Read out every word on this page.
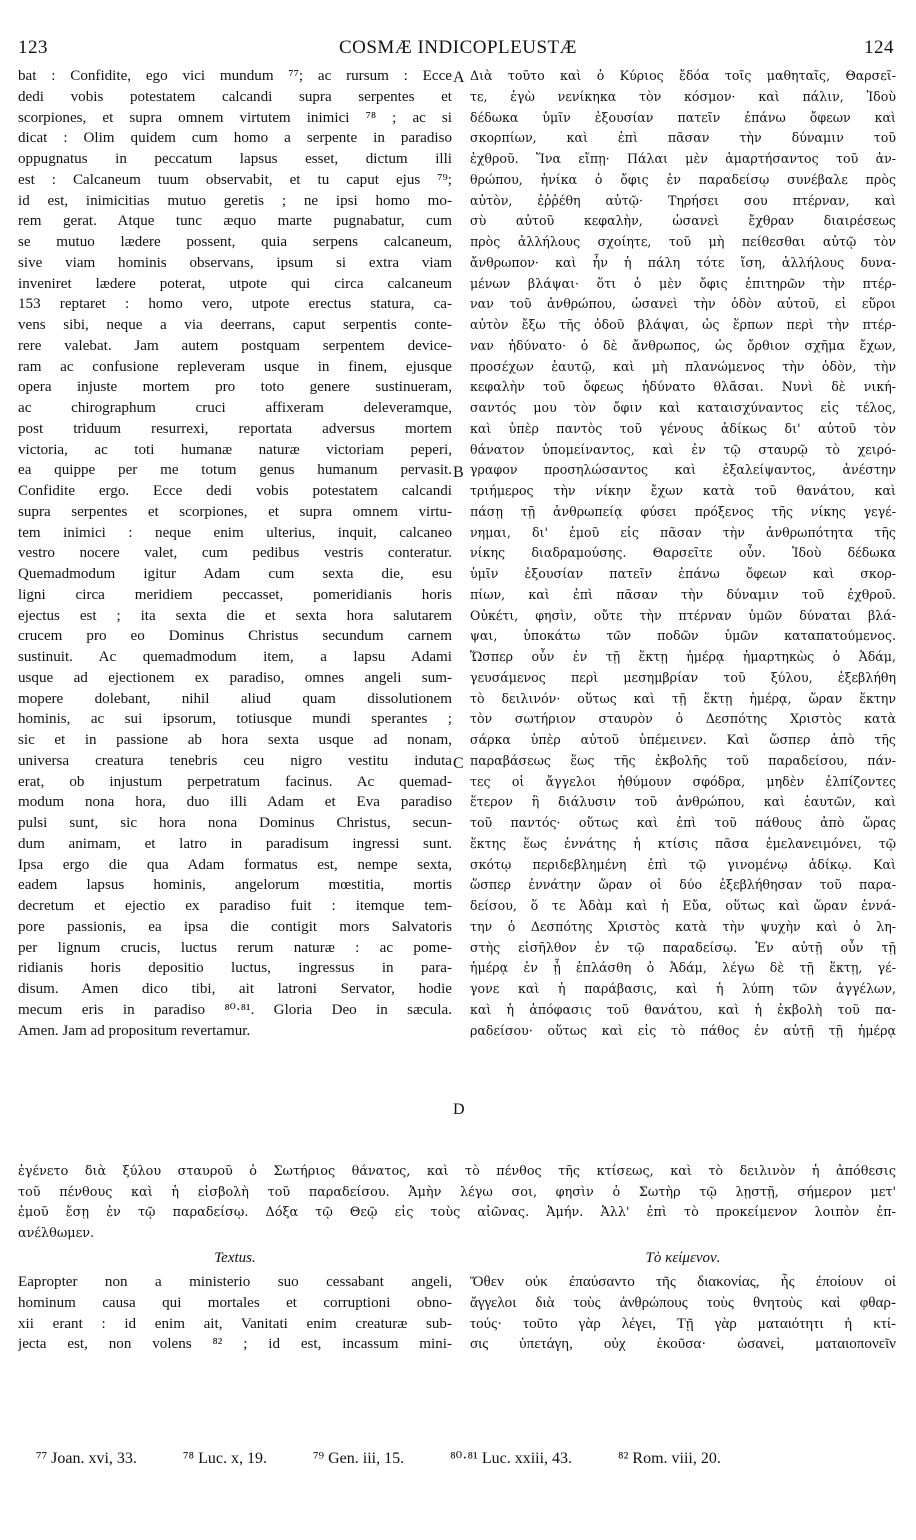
123	COSMÆ INDICOPLEUSTÆ	124

bat : Confidite, ego vici mundum ⁷⁷; ac rursum : Ecce

dedi vobis potestatem calcandi supra serpentes et

scorpiones, et supra omnem virtutem inimici ⁷⁸ ; ac si

dicat : Olim quidem cum homo a serpente in paradiso

oppugnatus in peccatum lapsus esset, dictum illi

est : Calcaneum tuum observabit, et tu caput ejus ⁷⁹;

id est, inimicitias mutuo geretis ; ne ipsi homo mo-

rem gerat. Atque tunc æquo marte pugnabatur, cum

se mutuo lædere possent, quia serpens calcaneum,

sive viam hominis observans, ipsum si extra viam

inveniret lædere poterat, utpote qui circa calcaneum

153 reptaret : homo vero, utpote erectus statura, ca-

vens sibi, neque a via deerrans, caput serpentis conte-

rere valebat. Jam autem postquam serpentem device-

ram ac confusione repleveram usque in finem, ejusque

opera injuste mortem pro toto genere sustinueram,

ac chirographum cruci affixeram deleveramque,

post triduum resurrexi, reportata adversus mortem

victoria, ac toti humanæ naturæ victoriam peperi,

ea quippe per me totum genus humanum pervasit.

Confidite ergo. Ecce dedi vobis potestatem calcandi

supra serpentes et scorpiones, et supra omnem virtu-

tem inimici : neque enim ulterius, inquit, calcaneo

vestro nocere valet, cum pedibus vestris conteratur.

Quemadmodum igitur Adam cum sexta die, esu

ligni circa meridiem peccasset, pomeridianis horis

ejectus est ; ita sexta die et sexta hora salutarem

crucem pro eo Dominus Christus secundum carnem

sustinuit. Ac quemadmodum item, a lapsu Adami

usque ad ejectionem ex paradiso, omnes angeli sum-

mopere dolebant, nihil aliud quam dissolutionem

hominis, ac sui ipsorum, totiusque mundi sperantes ;

sic et in passione ab hora sexta usque ad nonam,

universa creatura tenebris ceu nigro vestitu induta

erat, ob injustum perpetratum facinus. Ac quemad-

modum nona hora, duo illi Adam et Eva paradiso

pulsi sunt, sic hora nona Dominus Christus, secun-

dum animam, et latro in paradisum ingressi sunt.

Ipsa ergo die qua Adam formatus est, nempe sexta,

eadem lapsus hominis, angelorum mœstitia, mortis

decretum et ejectio ex paradiso fuit : itemque tem-

pore passionis, ea ipsa die contigit mors Salvatoris

per lignum crucis, luctus rerum naturæ : ac pome-

ridianis horis depositio luctus, ingressus in para-

disum. Amen dico tibi, ait latroni Servator, hodie

mecum eris in paradiso ⁸⁰·⁸¹. Gloria Deo in sæcula.

Amen. Jam ad propositum revertamur.

Διὰ τοῦτο καὶ ὁ Κύριος ἔδόα τοῖς μαθηταῖς, Θαρσεῖ-

τε, ἐγὼ νενίκηκα τὸν κόσμον· καὶ πάλιν, Ἰδοὺ

δέδωκα ὑμῖν ἐξουσίαν πατεῖν ἐπάνω ὄφεων καὶ

σκορπίων, καὶ ἐπὶ πᾶσαν τὴν δύναμιν τοῦ

ἐχθροῦ. Ἵνα εἴπῃ· Πάλαι μὲν ἁμαρτήσαντος τοῦ ἀν-

θρώπου, ἡνίκα ὁ ὄφις ἐν παραδείσῳ συνέβαλε πρὸς

αὐτὸν, ἐῤῥέθη αὐτῷ· Τηρήσει σου πτέρναν, καὶ

σὺ αὐτοῦ κεφαλὴν, ὡσανεὶ ἔχθραν διαιρέσεως

πρὸς ἀλλήλους σχοίητε, τοῦ μὴ πείθεσθαι αὐτῷ τὸν

ἄνθρωπον· καὶ ἦν ἡ πάλη τότε ἴση, ἀλλήλους δυνα-

μένων βλάψαι· ὅτι ὁ μὲν ὄφις ἐπιτηρῶν τὴν πτέρ-

ναν τοῦ ἀνθρώπου, ὡσανεὶ τὴν ὁδὸν αὐτοῦ, εἰ εὕροι

αὐτὸν ἔξω τῆς ὁδοῦ βλάψαι, ὡς ἕρπων περὶ τὴν πτέρ-

ναν ἠδύνατο· ὁ δὲ ἄνθρωπος, ὡς ὄρθιον σχῆμα ἔχων,

προσέχων ἑαυτῷ, καὶ μὴ πλανώμενος τὴν ὁδὸν, τὴν

κεφαλὴν τοῦ ὄφεως ἠδύνατο θλᾶσαι. Νυνὶ δὲ νική-

σαντός μου τὸν ὄφιν καὶ καταισχύναντος εἰς τέλος,

καὶ ὑπὲρ παντὸς τοῦ γένους ἀδίκως δι' αὐτοῦ τὸν

θάνατον ὑπομείναντος, καὶ ἐν τῷ σταυρῷ τὸ χειρό-

γραφον προσηλώσαντος καὶ ἐξαλείψαντος, ἀνέστην

τριήμερος τὴν νίκην ἔχων κατὰ τοῦ θανάτου, καὶ

πάσῃ τῇ ἀνθρωπείᾳ φύσει πρόξενος τῆς νίκης γεγέ-

νημαι, δι' ἐμοῦ εἰς πᾶσαν τὴν ἀνθρωπότητα τῆς

νίκης διαδραμούσης. Θαρσεῖτε οὖν. Ἰδοὺ δέδωκα

ὑμῖν ἐξουσίαν πατεῖν ἐπάνω ὄφεων καὶ σκορ-

πίων, καὶ ἐπὶ πᾶσαν τὴν δύναμιν τοῦ ἐχθροῦ.

Οὐκέτι, φησὶν, οὔτε τὴν πτέρναν ὑμῶν δύναται βλά-

ψαι, ὑποκάτω τῶν ποδῶν ὑμῶν καταπατούμενος.

Ὥσπερ οὖν ἐν τῇ ἕκτῃ ἡμέρᾳ ἡμαρτηκὼς ὁ Ἀδάμ,

γευσάμενος περὶ μεσημβρίαν τοῦ ξύλου, ἐξεβλήθη

τὸ δειλινόν· οὕτως καὶ τῇ ἕκτῃ ἡμέρᾳ, ὥραν ἕκτην

τὸν σωτήριον σταυρὸν ὁ Δεσπότης Χριστὸς κατὰ

σάρκα ὑπὲρ αὐτοῦ ὑπέμεινεν. Καὶ ὥσπερ ἀπὸ τῆς

παραβάσεως ἕως τῆς ἐκβολῆς τοῦ παραδείσου, πάν-

τες οἱ ἄγγελοι ἠθύμουν σφόδρα, μηδὲν ἐλπίζοντες

ἕτερον ἢ διάλυσιν τοῦ ἀνθρώπου, καὶ ἑαυτῶν, καὶ

τοῦ παντός· οὕτως καὶ ἐπὶ τοῦ πάθους ἀπὸ ὥρας

ἕκτης ἕως ἐννάτης ἡ κτίσις πᾶσα ἐμελανειμόνει, τῷ

σκότῳ περιδεβλημένη ἐπὶ τῷ γινομένῳ ἀδίκῳ. Καὶ

ὥσπερ ἐννάτην ὥραν οἱ δύο ἐξεβλήθησαν τοῦ παρα-

δείσου, ὅ τε Ἀδὰμ καὶ ἡ Εὔα, οὕτως καὶ ὥραν ἐννά-

την ὁ Δεσπότης Χριστὸς κατὰ τὴν ψυχὴν καὶ ὁ λη-

στὴς εἰσῆλθον ἐν τῷ παραδείσῳ. Ἐν αὐτῇ οὖν τῇ

ἡμέρᾳ ἐν ᾗ ἐπλάσθη ὁ Ἀδάμ, λέγω δὲ τῇ ἕκτῃ, γέ-

γονε καὶ ἡ παράβασις, καὶ ἡ λύπη τῶν ἀγγέλων,

καὶ ἡ ἀπόφασις τοῦ θανάτου, καὶ ἡ ἐκβολὴ τοῦ πα-

ραδείσου· οὕτως καὶ εἰς τὸ πάθος ἐν αὐτῇ τῇ ἡμέρᾳ

A
B
C
D

ἐγένετο διὰ ξύλου σταυροῦ ὁ Σωτήριος θάνατος, καὶ τὸ πένθος τῆς κτίσεως, καὶ τὸ δειλινὸν ἡ ἀπόθεσις

τοῦ πένθους καὶ ἡ εἰσβολὴ τοῦ παραδείσου. Ἀμὴν λέγω σοι, φησὶν ὁ Σωτὴρ τῷ λῃστῇ, σήμερον μετ'

ἐμοῦ ἔσῃ ἐν τῷ παραδείσῳ. Δόξα τῷ Θεῷ εἰς τοὺς αἰῶνας. Ἀμήν. Ἀλλ' ἐπὶ τὸ προκείμενον λοιπὸν ἐπ-

ανέλθωμεν.

Textus.	Τὸ κείμενον.

Eapropter non a ministerio suo cessabant angeli,

hominum causa qui mortales et corruptioni obno-

xii erant : id enim ait, Vanitati enim creaturæ sub-

jecta est, non volens ⁸² ; id est, incassum mini-

Ὅθεν οὐκ ἐπαύσαντο τῆς διακονίας, ἧς ἐποίουν οἱ

ἄγγελοι διὰ τοὺς ἀνθρώπους τοὺς θνητοὺς καὶ φθαρ-

τούς· τοῦτο γὰρ λέγει, Τῇ γὰρ ματαιότητι ἡ κτί-

σις ὑπετάγη, οὐχ ἑκοῦσα· ὡσανεὶ, ματαιοπονεῖν

⁷⁷ Joan. xvi, 33.	⁷⁸ Luc. x, 19.	⁷⁹ Gen. iii, 15.	⁸⁰·⁸¹ Luc. xxiii, 43.	⁸² Rom. viii, 20.
